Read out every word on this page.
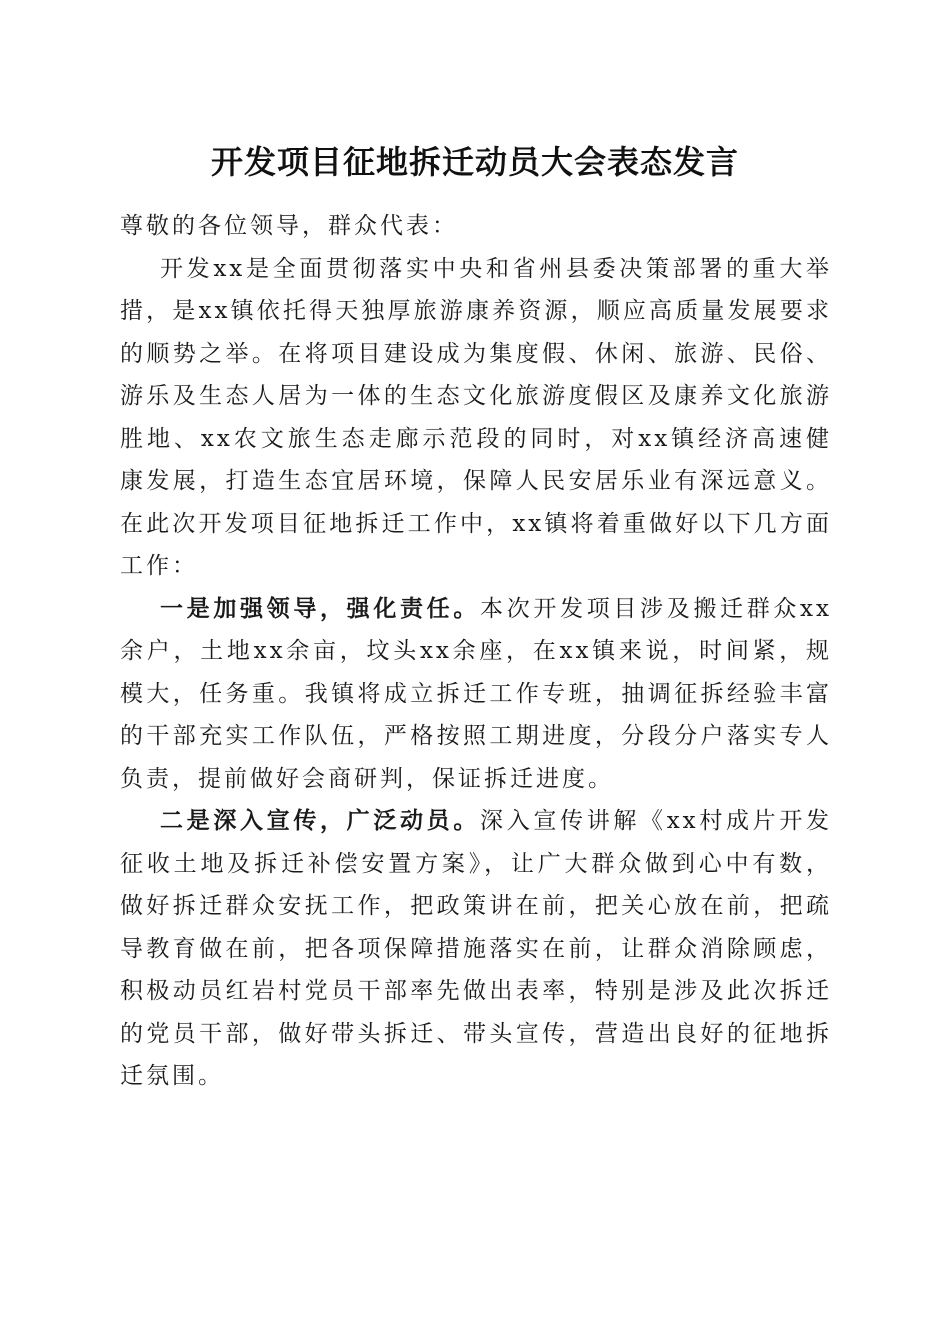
开发项目征地拆迁动员大会表态发言

尊敬的各位领导，群众代表：

开发xx是全面贯彻落实中央和省州县委决策部署的重大举措，是xx镇依托得天独厚旅游康养资源，顺应高质量发展要求的顺势之举。在将项目建设成为集度假、休闲、旅游、民俗、游乐及生态人居为一体的生态文化旅游度假区及康养文化旅游胜地、xx农文旅生态走廊示范段的同时，对xx镇经济高速健康发展，打造生态宜居环境，保障人民安居乐业有深远意义。在此次开发项目征地拆迁工作中，xx镇将着重做好以下几方面工作：

一是加强领导，强化责任。本次开发项目涉及搬迁群众xx余户，土地xx余亩，坟头xx余座，在xx镇来说，时间紧，规模大，任务重。我镇将成立拆迁工作专班，抽调征拆经验丰富的干部充实工作队伍，严格按照工期进度，分段分户落实专人负责，提前做好会商研判，保证拆迁进度。

二是深入宣传，广泛动员。深入宣传讲解《xx村成片开发征收土地及拆迁补偿安置方案》，让广大群众做到心中有数，做好拆迁群众安抚工作，把政策讲在前，把关心放在前，把疏导教育做在前，把各项保障措施落实在前，让群众消除顾虑，积极动员红岩村党员干部率先做出表率，特别是涉及此次拆迁的党员干部，做好带头拆迁、带头宣传，营造出良好的征地拆迁氛围。
